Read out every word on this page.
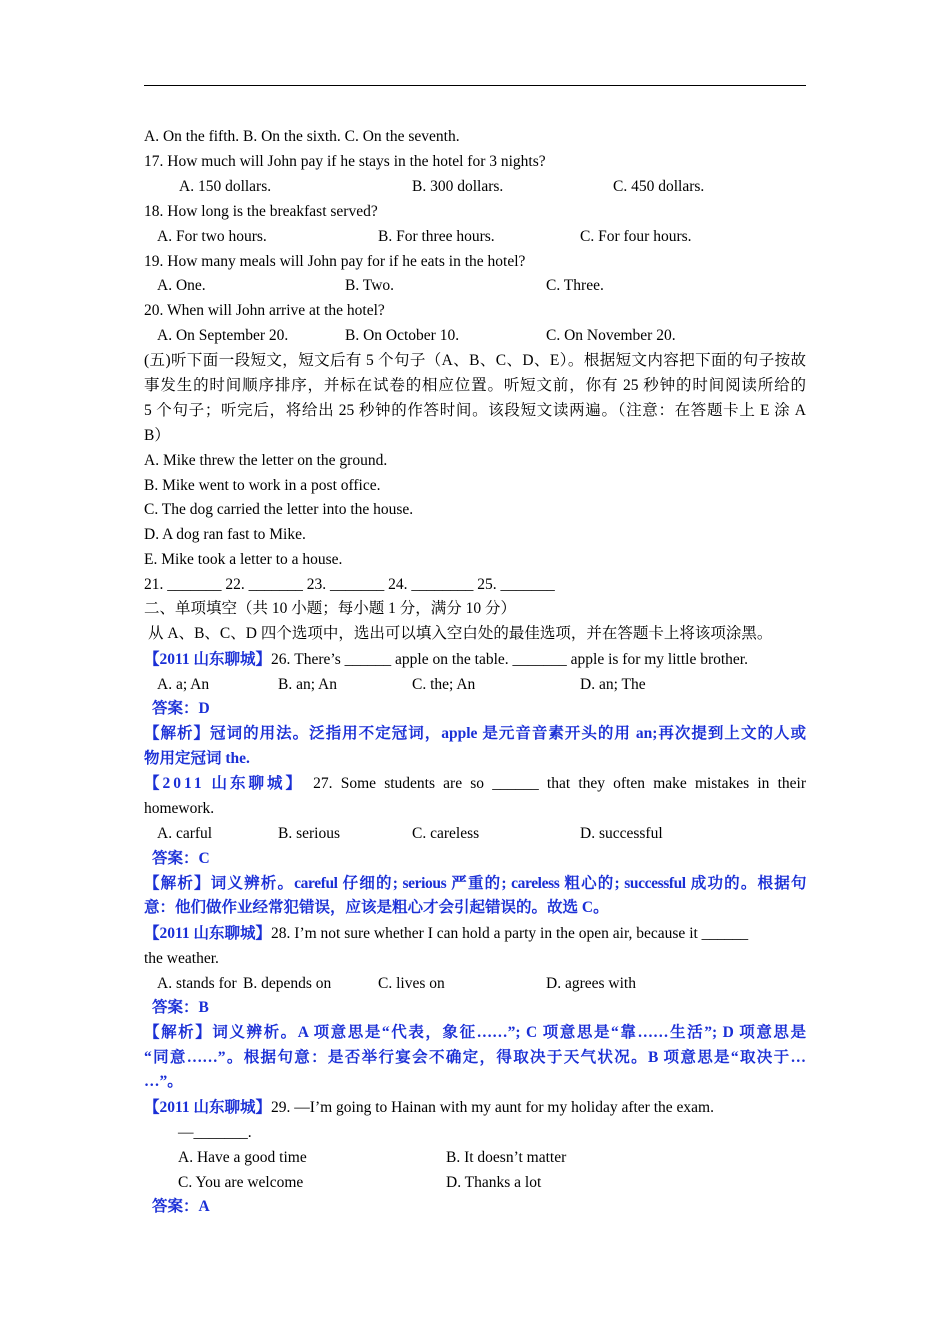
A. On the fifth. B. On the sixth. C. On the seventh.
17. How much will John pay if he stays in the hotel for 3 nights?
A. 150 dollars.	B. 300 dollars.	C. 450 dollars.
18. How long is the breakfast served?
A. For two hours.	B. For three hours.	C. For four hours.
19. How many meals will John pay for if he eats in the hotel?
A. One.	B. Two.	C. Three.
20. When will John arrive at the hotel?
A. On September 20.	B. On October 10.	C. On November 20.
(五)听下面一段短文，短文后有 5 个句子（A、B、C、D、E）。根据短文内容把下面的句子按故
事发生的时间顺序排序，并标在试卷的相应位置。听短文前，你有 25 秒钟的时间阅读所给的
5 个句子；听完后，将给出 25 秒钟的作答时间。该段短文读两遍。（注意：在答题卡上 E 涂 A
B）
A. Mike threw the letter on the ground.
B. Mike went to work in a post office.
C. The dog carried the letter into the house.
D. A dog ran fast to Mike.
E. Mike took a letter to a house.
21. _______ 22. _______ 23. _______ 24. ________ 25. _______
二、单项填空（共 10 小题；每小题 1 分，满分 10 分）
从 A、B、C、D 四个选项中，选出可以填入空白处的最佳选项，并在答题卡上将该项涂黑。
【2011 山东聊城】26. There’s ______ apple on the table. _______ apple is for my little brother.
A. a; An	B. an; An	C. the; An	D. an; The
答案：D
【解析】冠词的用法。泛指用不定冠词，apple 是元音音素开头的用 an;再次提到上文的人或
物用定冠词 the.
【2011 山东聊城】 27. Some students are so ______ that they often make mistakes in their
homework.
A. carful	B. serious	C. careless	D. successful
答案：C
【解析】词义辨析。careful 仔细的; serious 严重的; careless 粗心的; successful 成功的。根据句
意：他们做作业经常犯错误，应该是粗心才会引起错误的。故选 C。
【2011 山东聊城】28. I’m not sure whether I can hold a party in the open air, because it ______
the weather.
A. stands for B. depends on	C. lives on	D. agrees with
答案：B
【解析】词义辨析。A 项意思是“代表，象征……”; C 项意思是“靠……生活”; D 项意思是
“同意……”。根据句意：是否举行宴会不确定，得取决于天气状况。B 项意思是“取决于…
…”。
【2011 山东聊城】29. —I’m going to Hainan with my aunt for my holiday after the exam.
—_______.
A. Have a good time	B. It doesn’t matter
C. You are welcome	D. Thanks a lot
答案：A
